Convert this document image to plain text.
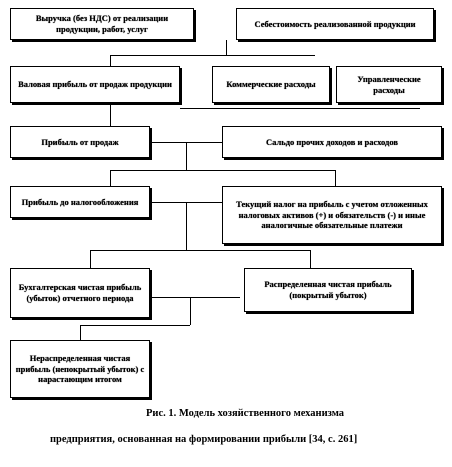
Выручка (без НДС) от реализации продукции, работ, услуг
Себестоимость реализованной продукции
Валовая прибыль от продаж продукции	Коммерческие расходы
Управленческие расходы
Прибыль от продаж	Сальдо прочих доходов и расходов
Прибыль до налогообложения	Текущий налог на прибыль с учетом отложенных налоговых активов (+) и обязательств (-) и иные аналогичные обязательные платежи
Бухгалтерская чистая прибыль (убыток) отчетного периода
Распределенная чистая прибыль (покрытый убыток)
Нераспределенная чистая прибыль (непокрытый убыток) с нарастающим итогом
Рис. 1. Модель хозяйственного механизма
предприятия, основанная на формировании прибыли [34, с. 261]
